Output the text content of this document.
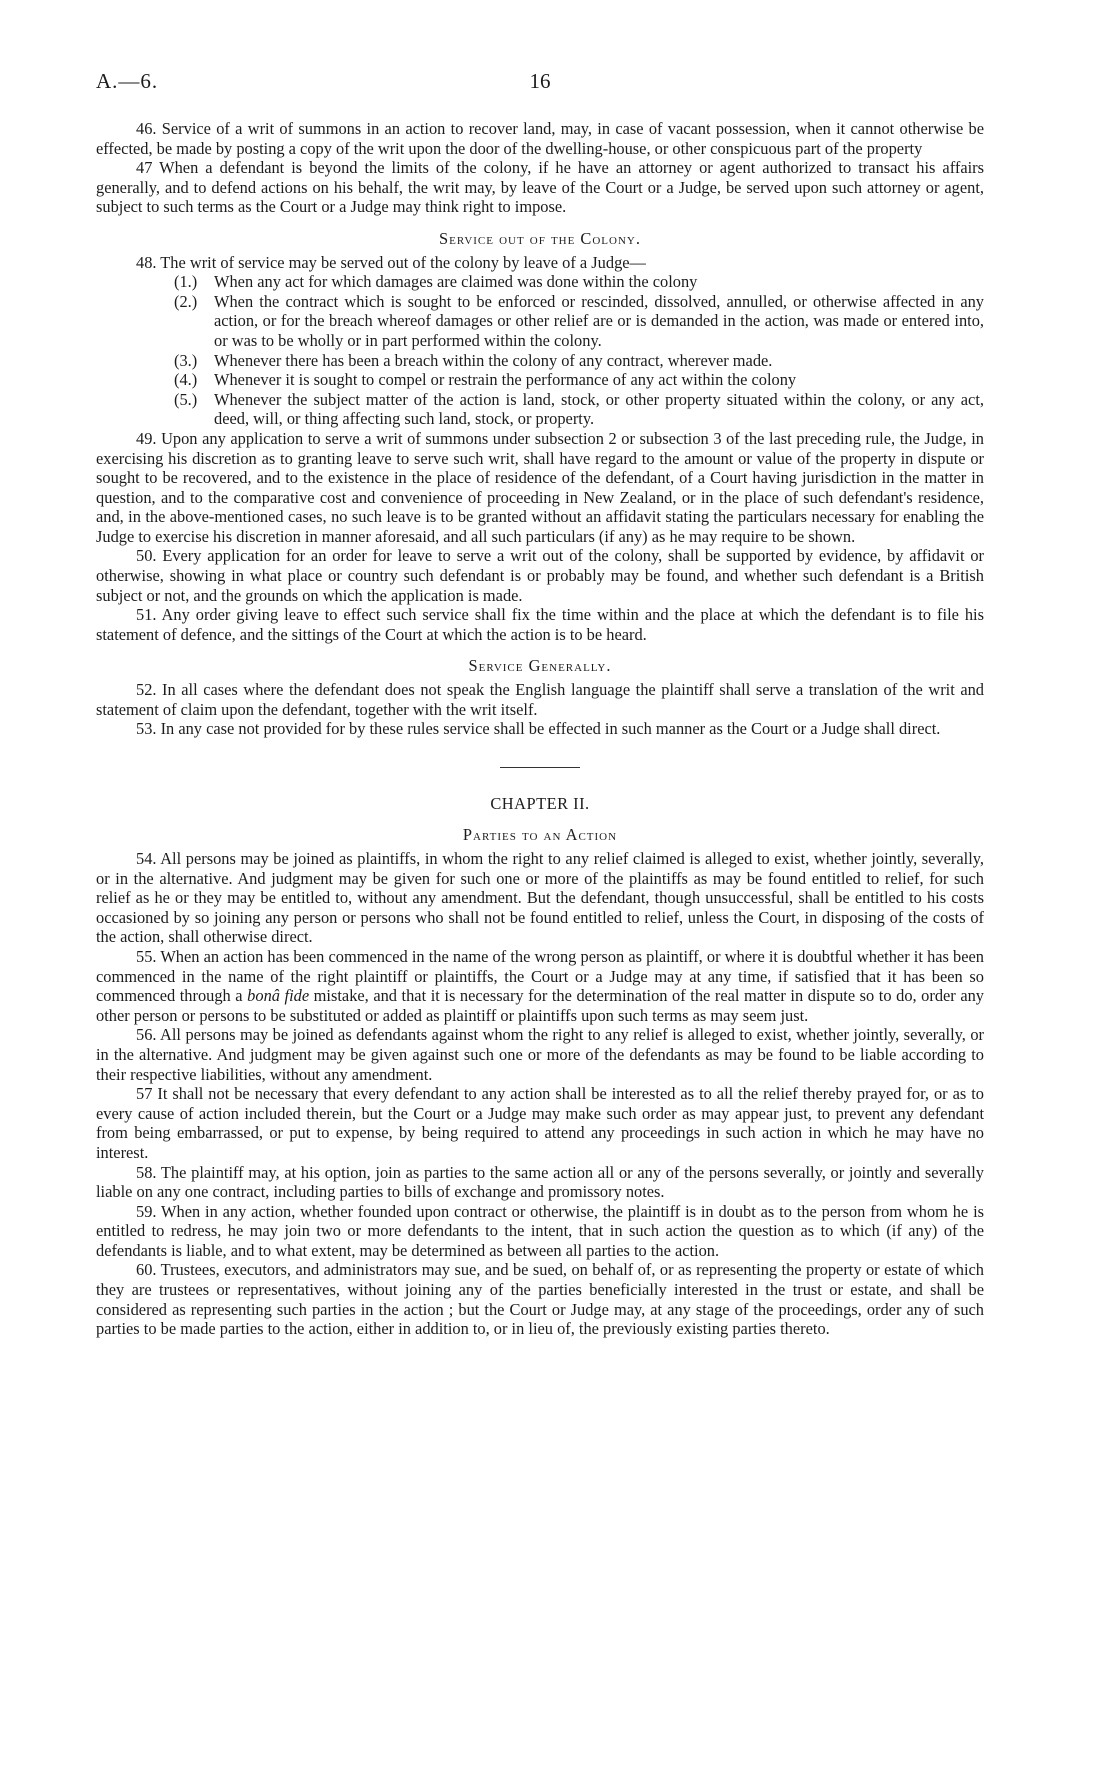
A.—6.	16

46. Service of a writ of summons in an action to recover land, may, in case of vacant possession, when it cannot otherwise be effected, be made by posting a copy of the writ upon the door of the dwelling-house, or other conspicuous part of the property

47 When a defendant is beyond the limits of the colony, if he have an attorney or agent authorized to transact his affairs generally, and to defend actions on his behalf, the writ may, by leave of the Court or a Judge, be served upon such attorney or agent, subject to such terms as the Court or a Judge may think right to impose.

Service out of the Colony.

48. The writ of service may be served out of the colony by leave of a Judge—

(1.)	When any act for which damages are claimed was done within the colony
(2.)	When the contract which is sought to be enforced or rescinded, dissolved, annulled, or otherwise affected in any action, or for the breach whereof damages or other relief are or is demanded in the action, was made or entered into, or was to be wholly or in part performed within the colony.
(3.)	Whenever there has been a breach within the colony of any contract, wherever made.
(4.)	Whenever it is sought to compel or restrain the performance of any act within the colony
(5.)	Whenever the subject matter of the action is land, stock, or other property situated within the colony, or any act, deed, will, or thing affecting such land, stock, or property.

49. Upon any application to serve a writ of summons under subsection 2 or subsection 3 of the last preceding rule, the Judge, in exercising his discretion as to granting leave to serve such writ, shall have regard to the amount or value of the property in dispute or sought to be recovered, and to the existence in the place of residence of the defendant, of a Court having jurisdiction in the matter in question, and to the comparative cost and convenience of proceeding in New Zealand, or in the place of such defendant's residence, and, in the above-mentioned cases, no such leave is to be granted without an affidavit stating the particulars necessary for enabling the Judge to exercise his discretion in manner aforesaid, and all such particulars (if any) as he may require to be shown.

50. Every application for an order for leave to serve a writ out of the colony, shall be supported by evidence, by affidavit or otherwise, showing in what place or country such defendant is or probably may be found, and whether such defendant is a British subject or not, and the grounds on which the application is made.

51. Any order giving leave to effect such service shall fix the time within and the place at which the defendant is to file his statement of defence, and the sittings of the Court at which the action is to be heard.

Service Generally.

52. In all cases where the defendant does not speak the English language the plaintiff shall serve a translation of the writ and statement of claim upon the defendant, together with the writ itself.

53. In any case not provided for by these rules service shall be effected in such manner as the Court or a Judge shall direct.

CHAPTER II.

Parties to an Action

54. All persons may be joined as plaintiffs, in whom the right to any relief claimed is alleged to exist, whether jointly, severally, or in the alternative. And judgment may be given for such one or more of the plaintiffs as may be found entitled to relief, for such relief as he or they may be entitled to, without any amendment. But the defendant, though unsuccessful, shall be entitled to his costs occasioned by so joining any person or persons who shall not be found entitled to relief, unless the Court, in disposing of the costs of the action, shall otherwise direct.

55. When an action has been commenced in the name of the wrong person as plaintiff, or where it is doubtful whether it has been commenced in the name of the right plaintiff or plaintiffs, the Court or a Judge may at any time, if satisfied that it has been so commenced through a bonâ fide mistake, and that it is necessary for the determination of the real matter in dispute so to do, order any other person or persons to be substituted or added as plaintiff or plaintiffs upon such terms as may seem just.

56. All persons may be joined as defendants against whom the right to any relief is alleged to exist, whether jointly, severally, or in the alternative. And judgment may be given against such one or more of the defendants as may be found to be liable according to their respective liabilities, without any amendment.

57 It shall not be necessary that every defendant to any action shall be interested as to all the relief thereby prayed for, or as to every cause of action included therein, but the Court or a Judge may make such order as may appear just, to prevent any defendant from being embarrassed, or put to expense, by being required to attend any proceedings in such action in which he may have no interest.

58. The plaintiff may, at his option, join as parties to the same action all or any of the persons severally, or jointly and severally liable on any one contract, including parties to bills of exchange and promissory notes.

59. When in any action, whether founded upon contract or otherwise, the plaintiff is in doubt as to the person from whom he is entitled to redress, he may join two or more defendants to the intent, that in such action the question as to which (if any) of the defendants is liable, and to what extent, may be determined as between all parties to the action.

60. Trustees, executors, and administrators may sue, and be sued, on behalf of, or as representing the property or estate of which they are trustees or representatives, without joining any of the parties beneficially interested in the trust or estate, and shall be considered as representing such parties in the action ; but the Court or Judge may, at any stage of the proceedings, order any of such parties to be made parties to the action, either in addition to, or in lieu of, the previously existing parties thereto.
